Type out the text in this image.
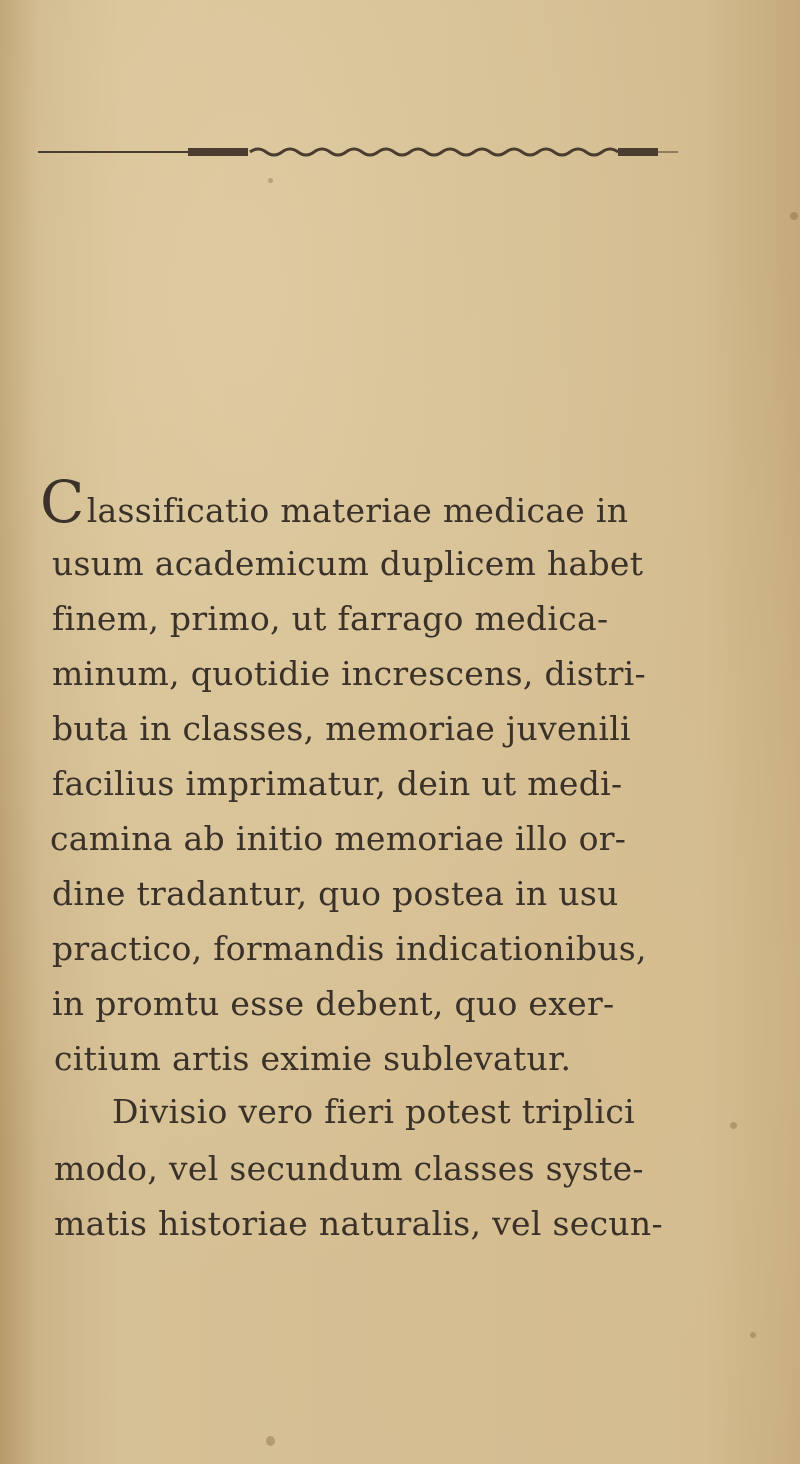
Classificatio materiae medicae in
usum academicum duplicem habet
finem, primo, ut farrago medica-
minum, quotidie increscens, distri-
buta in classes, memoriae juvenili
facilius imprimatur, dein ut medi-
camina ab initio memoriae illo or-
dine tradantur, quo postea in usu
practico, formandis indicationibus,
in promtu esse debent, quo exer-
citium artis eximie sublevatur.
Divisio vero fieri potest triplici
modo, vel secundum classes syste-
matis historiae naturalis, vel secun-
